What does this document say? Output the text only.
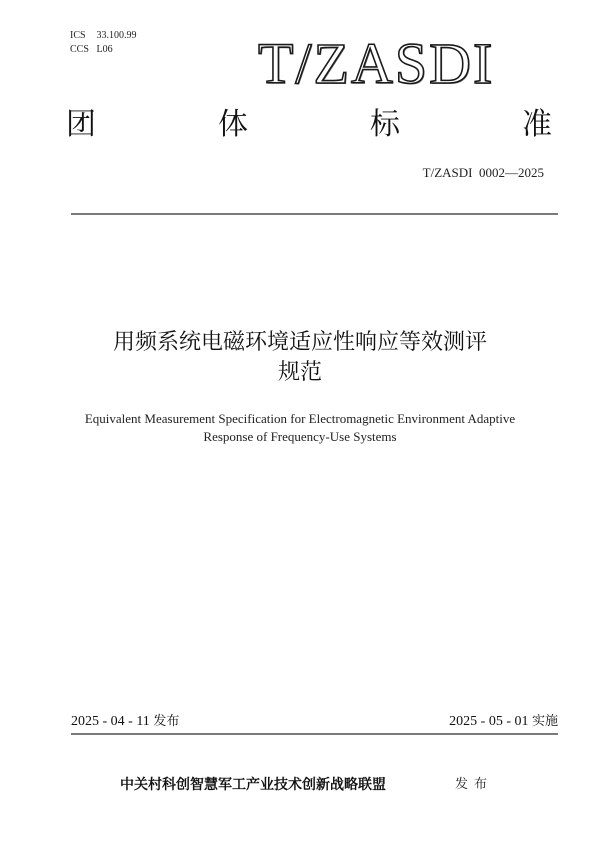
ICS 33.100.99
CCS L06	T/ZASDI
团	体	标	准
T/ZASDI  0002—2025
用频系统电磁环境适应性响应等效测评
规范
Equivalent Measurement Specification for Electromagnetic Environment Adaptive
Response of Frequency-Use Systems
2025 - 04 - 11 发布	2025 - 05 - 01 实施
中关村科创智慧军工产业技术创新战略联盟	发布
